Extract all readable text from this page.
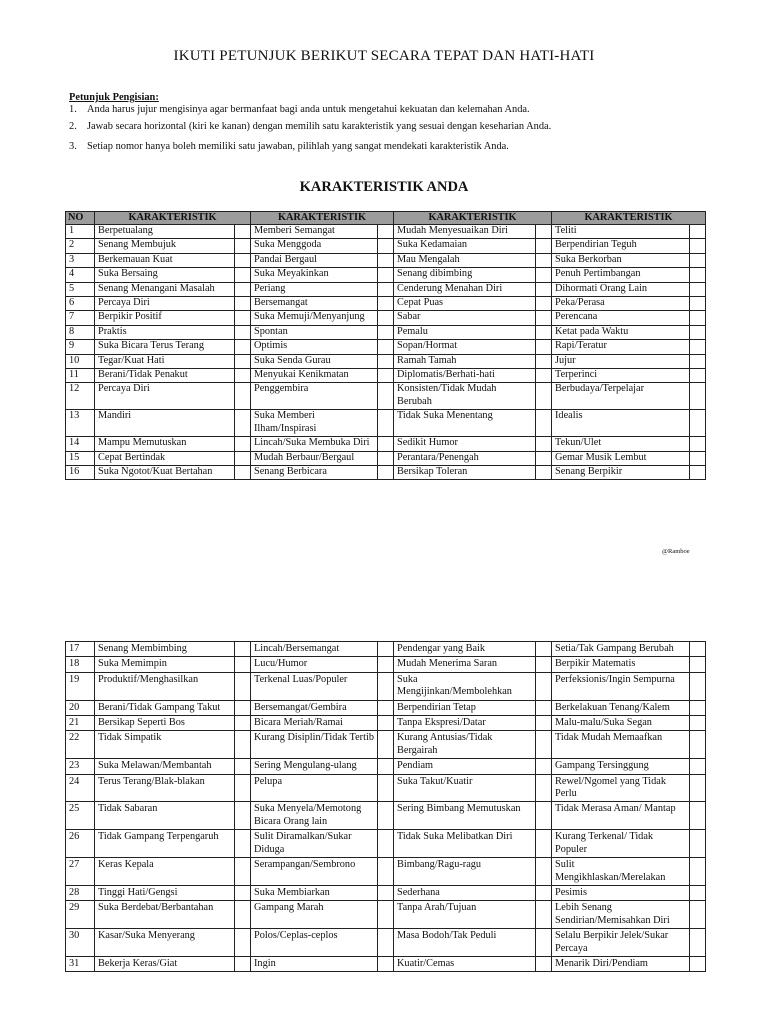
IKUTI PETUNJUK BERIKUT SECARA TEPAT DAN HATI-HATI
Petunjuk Pengisian:
1. Anda harus jujur mengisinya agar bermanfaat bagi anda untuk mengetahui kekuatan dan kelemahan Anda.
2. Jawab secara horizontal (kiri ke kanan) dengan memilih satu karakteristik yang sesuai dengan keseharian Anda.
3. Setiap nomor hanya boleh memiliki satu jawaban, pilihlah yang sangat mendekati karakteristik Anda.
KARAKTERISTIK ANDA
NO	KARAKTERISTIK		KARAKTERISTIK		KARAKTERISTIK		KARAKTERISTIK	
1	Berpetualang		Memberi Semangat		Mudah Menyesuaikan Diri		Teliti	
2	Senang Membujuk		Suka Menggoda		Suka Kedamaian		Berpendirian Teguh	
3	Berkemauan Kuat		Pandai Bergaul		Mau Mengalah		Suka Berkorban	
4	Suka Bersaing		Suka Meyakinkan		Senang dibimbing		Penuh Pertimbangan	
5	Senang Menangani Masalah		Periang		Cenderung Menahan Diri		Dihormati Orang Lain	
6	Percaya Diri		Bersemangat		Cepat Puas		Peka/Perasa	
7	Berpikir Positif		Suka Memuji/Menyanjung		Sabar		Perencana	
8	Praktis		Spontan		Pemalu		Ketat pada Waktu	
9	Suka Bicara Terus Terang		Optimis		Sopan/Hormat		Rapi/Teratur	
10	Tegar/Kuat Hati		Suka Senda Gurau		Ramah Tamah		Jujur	
11	Berani/Tidak Penakut		Menyukai Kenikmatan		Diplomatis/Berhati-hati		Terperinci	
12	Percaya Diri		Penggembira		Konsisten/Tidak Mudah Berubah		Berbudaya/Terpelajar	
13	Mandiri		Suka Memberi Ilham/Inspirasi		Tidak Suka Menentang		Idealis	
14	Mampu Memutuskan		Lincah/Suka Membuka Diri		Sedikit Humor		Tekun/Ulet	
15	Cepat Bertindak		Mudah Berbaur/Bergaul		Perantara/Penengah		Gemar Musik Lembut	
16	Suka Ngotot/Kuat Bertahan		Senang Berbicara		Bersikap Toleran		Senang Berpikir	
@Ramboe
17	Senang Membimbing		Lincah/Bersemangat		Pendengar yang Baik		Setia/Tak Gampang Berubah	
18	Suka Memimpin		Lucu/Humor		Mudah Menerima Saran		Berpikir Matematis	
19	Produktif/Menghasilkan		Terkenal Luas/Populer		Suka Mengijinkan/Membolehkan		Perfeksionis/Ingin Sempurna	
20	Berani/Tidak Gampang Takut		Bersemangat/Gembira		Berpendirian Tetap		Berkelakuan Tenang/Kalem	
21	Bersikap Seperti Bos		Bicara Meriah/Ramai		Tanpa Ekspresi/Datar		Malu-malu/Suka Segan	
22	Tidak Simpatik		Kurang Disiplin/Tidak Tertib		Kurang Antusias/Tidak Bergairah		Tidak Mudah Memaafkan	
23	Suka Melawan/Membantah		Sering Mengulang-ulang		Pendiam		Gampang Tersinggung	
24	Terus Terang/Blak-blakan		Pelupa		Suka Takut/Kuatir		Rewel/Ngomel yang Tidak Perlu	
25	Tidak Sabaran		Suka Menyela/Memotong Bicara Orang lain		Sering Bimbang Memutuskan		Tidak Merasa Aman/ Mantap	
26	Tidak Gampang Terpengaruh		Sulit Diramalkan/Sukar Diduga		Tidak Suka Melibatkan Diri		Kurang Terkenal/ Tidak Populer	
27	Keras Kepala		Serampangan/Sembrono		Bimbang/Ragu-ragu		Sulit Mengikhlaskan/Merelakan	
28	Tinggi Hati/Gengsi		Suka Membiarkan		Sederhana		Pesimis	
29	Suka Berdebat/Berbantahan		Gampang Marah		Tanpa Arah/Tujuan		Lebih Senang Sendirian/Memisahkan Diri	
30	Kasar/Suka Menyerang		Polos/Ceplas-ceplos		Masa Bodoh/Tak Peduli		Selalu Berpikir Jelek/Sukar Percaya	
31	Bekerja Keras/Giat		Ingin		Kuatir/Cemas		Menarik Diri/Pendiam	
